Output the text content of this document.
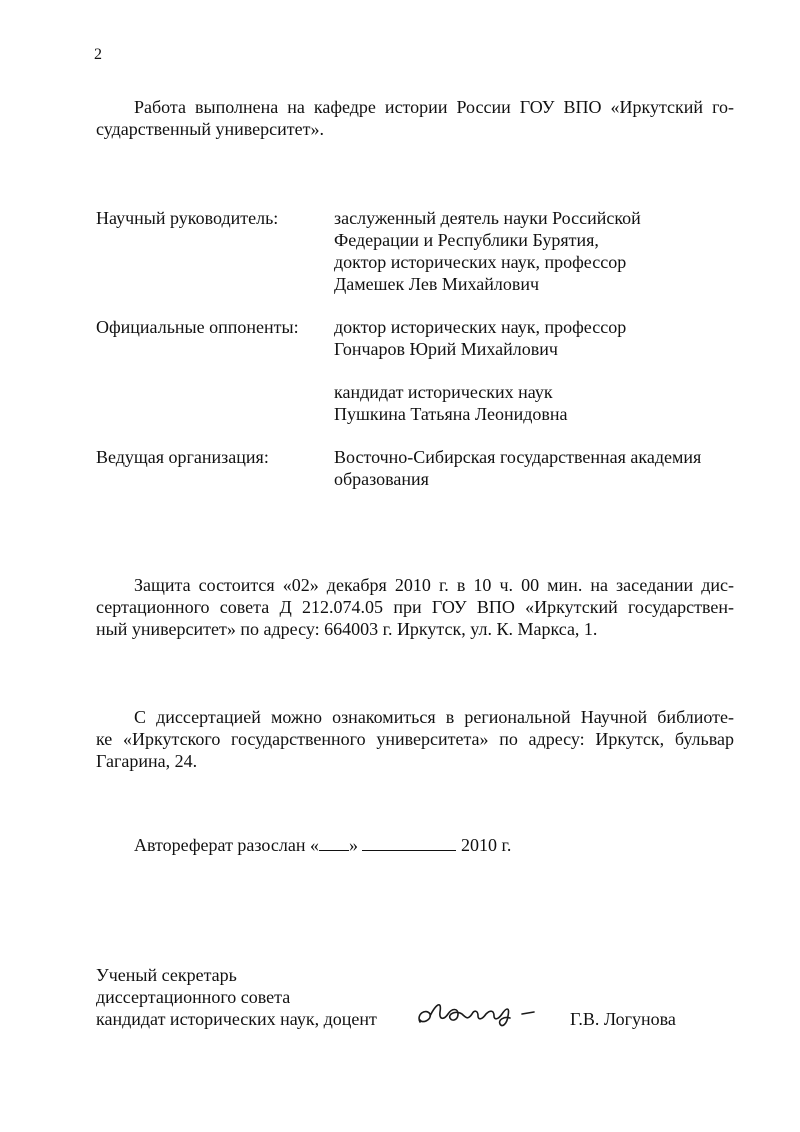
2
Работа выполнена на кафедре истории России ГОУ ВПО «Иркутский го-
сударственный университет».
Научный руководитель:	заслуженный деятель науки Российской
Федерации и Республики Бурятия,
доктор исторических наук, профессор
Дамешек Лев Михайлович
Официальные оппоненты: доктор исторических наук, профессор
Гончаров Юрий Михайлович
кандидат исторических наук
Пушкина Татьяна Леонидовна
Ведущая организация:	Восточно-Сибирская государственная академия
образования
Защита состоится «02» декабря 2010 г. в 10 ч. 00 мин. на заседании дис-
сертационного совета Д 212.074.05 при ГОУ ВПО «Иркутский государствен-
ный университет» по адресу: 664003 г. Иркутск, ул. К. Маркса, 1.
С диссертацией можно ознакомиться в региональной Научной библиоте-
ке «Иркутского государственного университета» по адресу: Иркутск, бульвар
Гагарина, 24.
Автореферат разослан « »	2010 г.
Ученый секретарь
диссертационного совета
кандидат исторических наук, доцент	Г.В. Логунова
